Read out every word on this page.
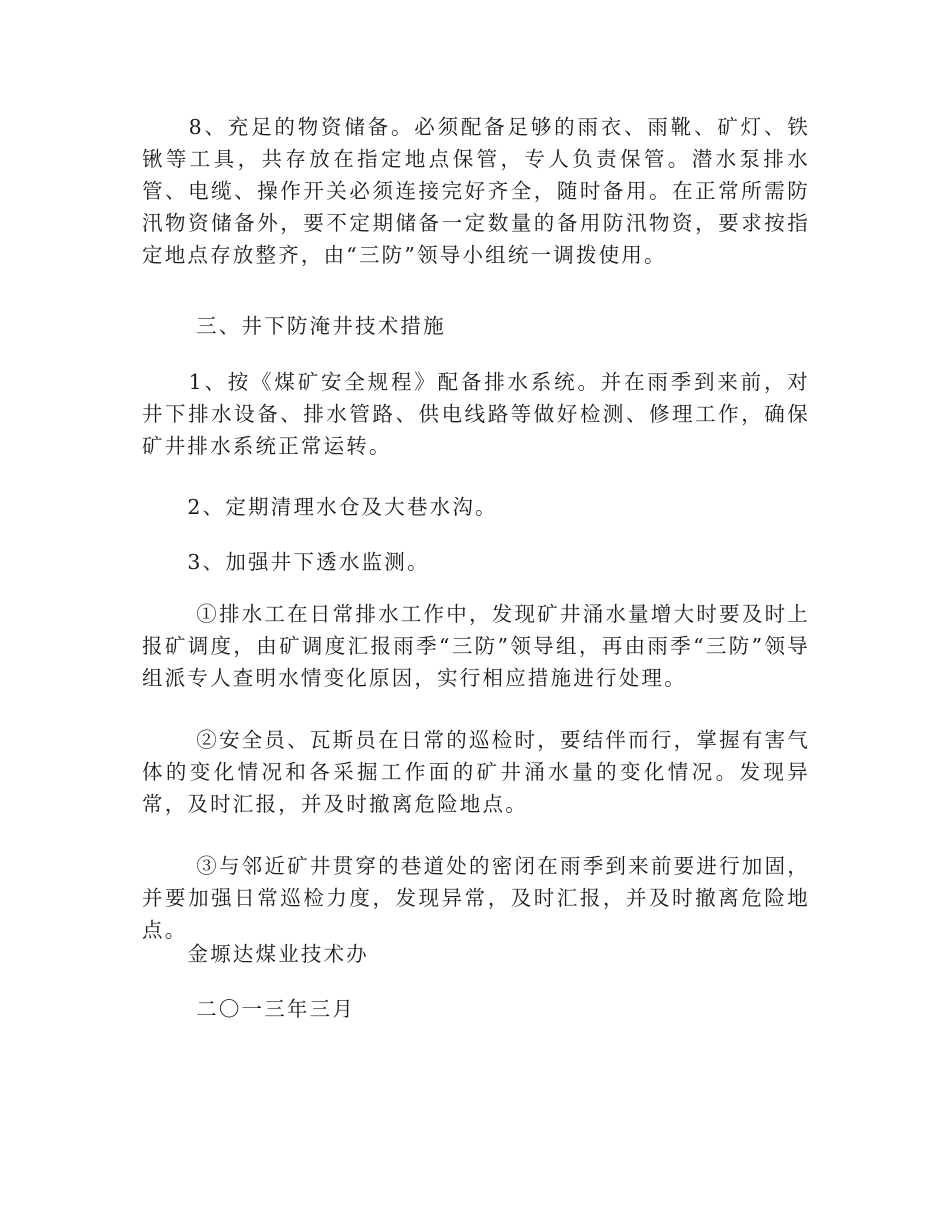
　　8、充足的物资储备。必须配备足够的雨衣、雨靴、矿灯、铁锹等工具，共存放在指定地点保管，专人负责保管。潜水泵排水管、电缆、操作开关必须连接完好齐全，随时备用。在正常所需防汛物资储备外，要不定期储备一定数量的备用防汛物资，要求按指定地点存放整齐，由“三防”领导小组统一调拨使用。

　　 三、井下防淹井技术措施

　　1、按《煤矿安全规程》配备排水系统。并在雨季到来前，对井下排水设备、排水管路、供电线路等做好检测、修理工作，确保矿井排水系统正常运转。

　　2、定期清理水仓及大巷水沟。

　　3、加强井下透水监测。

　　 ①排水工在日常排水工作中，发现矿井涌水量增大时要及时上报矿调度，由矿调度汇报雨季“三防”领导组，再由雨季“三防”领导组派专人查明水情变化原因，实行相应措施进行处理。

　　 ②安全员、瓦斯员在日常的巡检时，要结伴而行，掌握有害气体的变化情况和各采掘工作面的矿井涌水量的变化情况。发现异常，及时汇报，并及时撤离危险地点。

　　 ③与邻近矿井贯穿的巷道处的密闭在雨季到来前要进行加固，并要加强日常巡检力度，发现异常，及时汇报，并及时撤离危险地点。

　　金塬达煤业技术办

　　 二〇一三年三月
